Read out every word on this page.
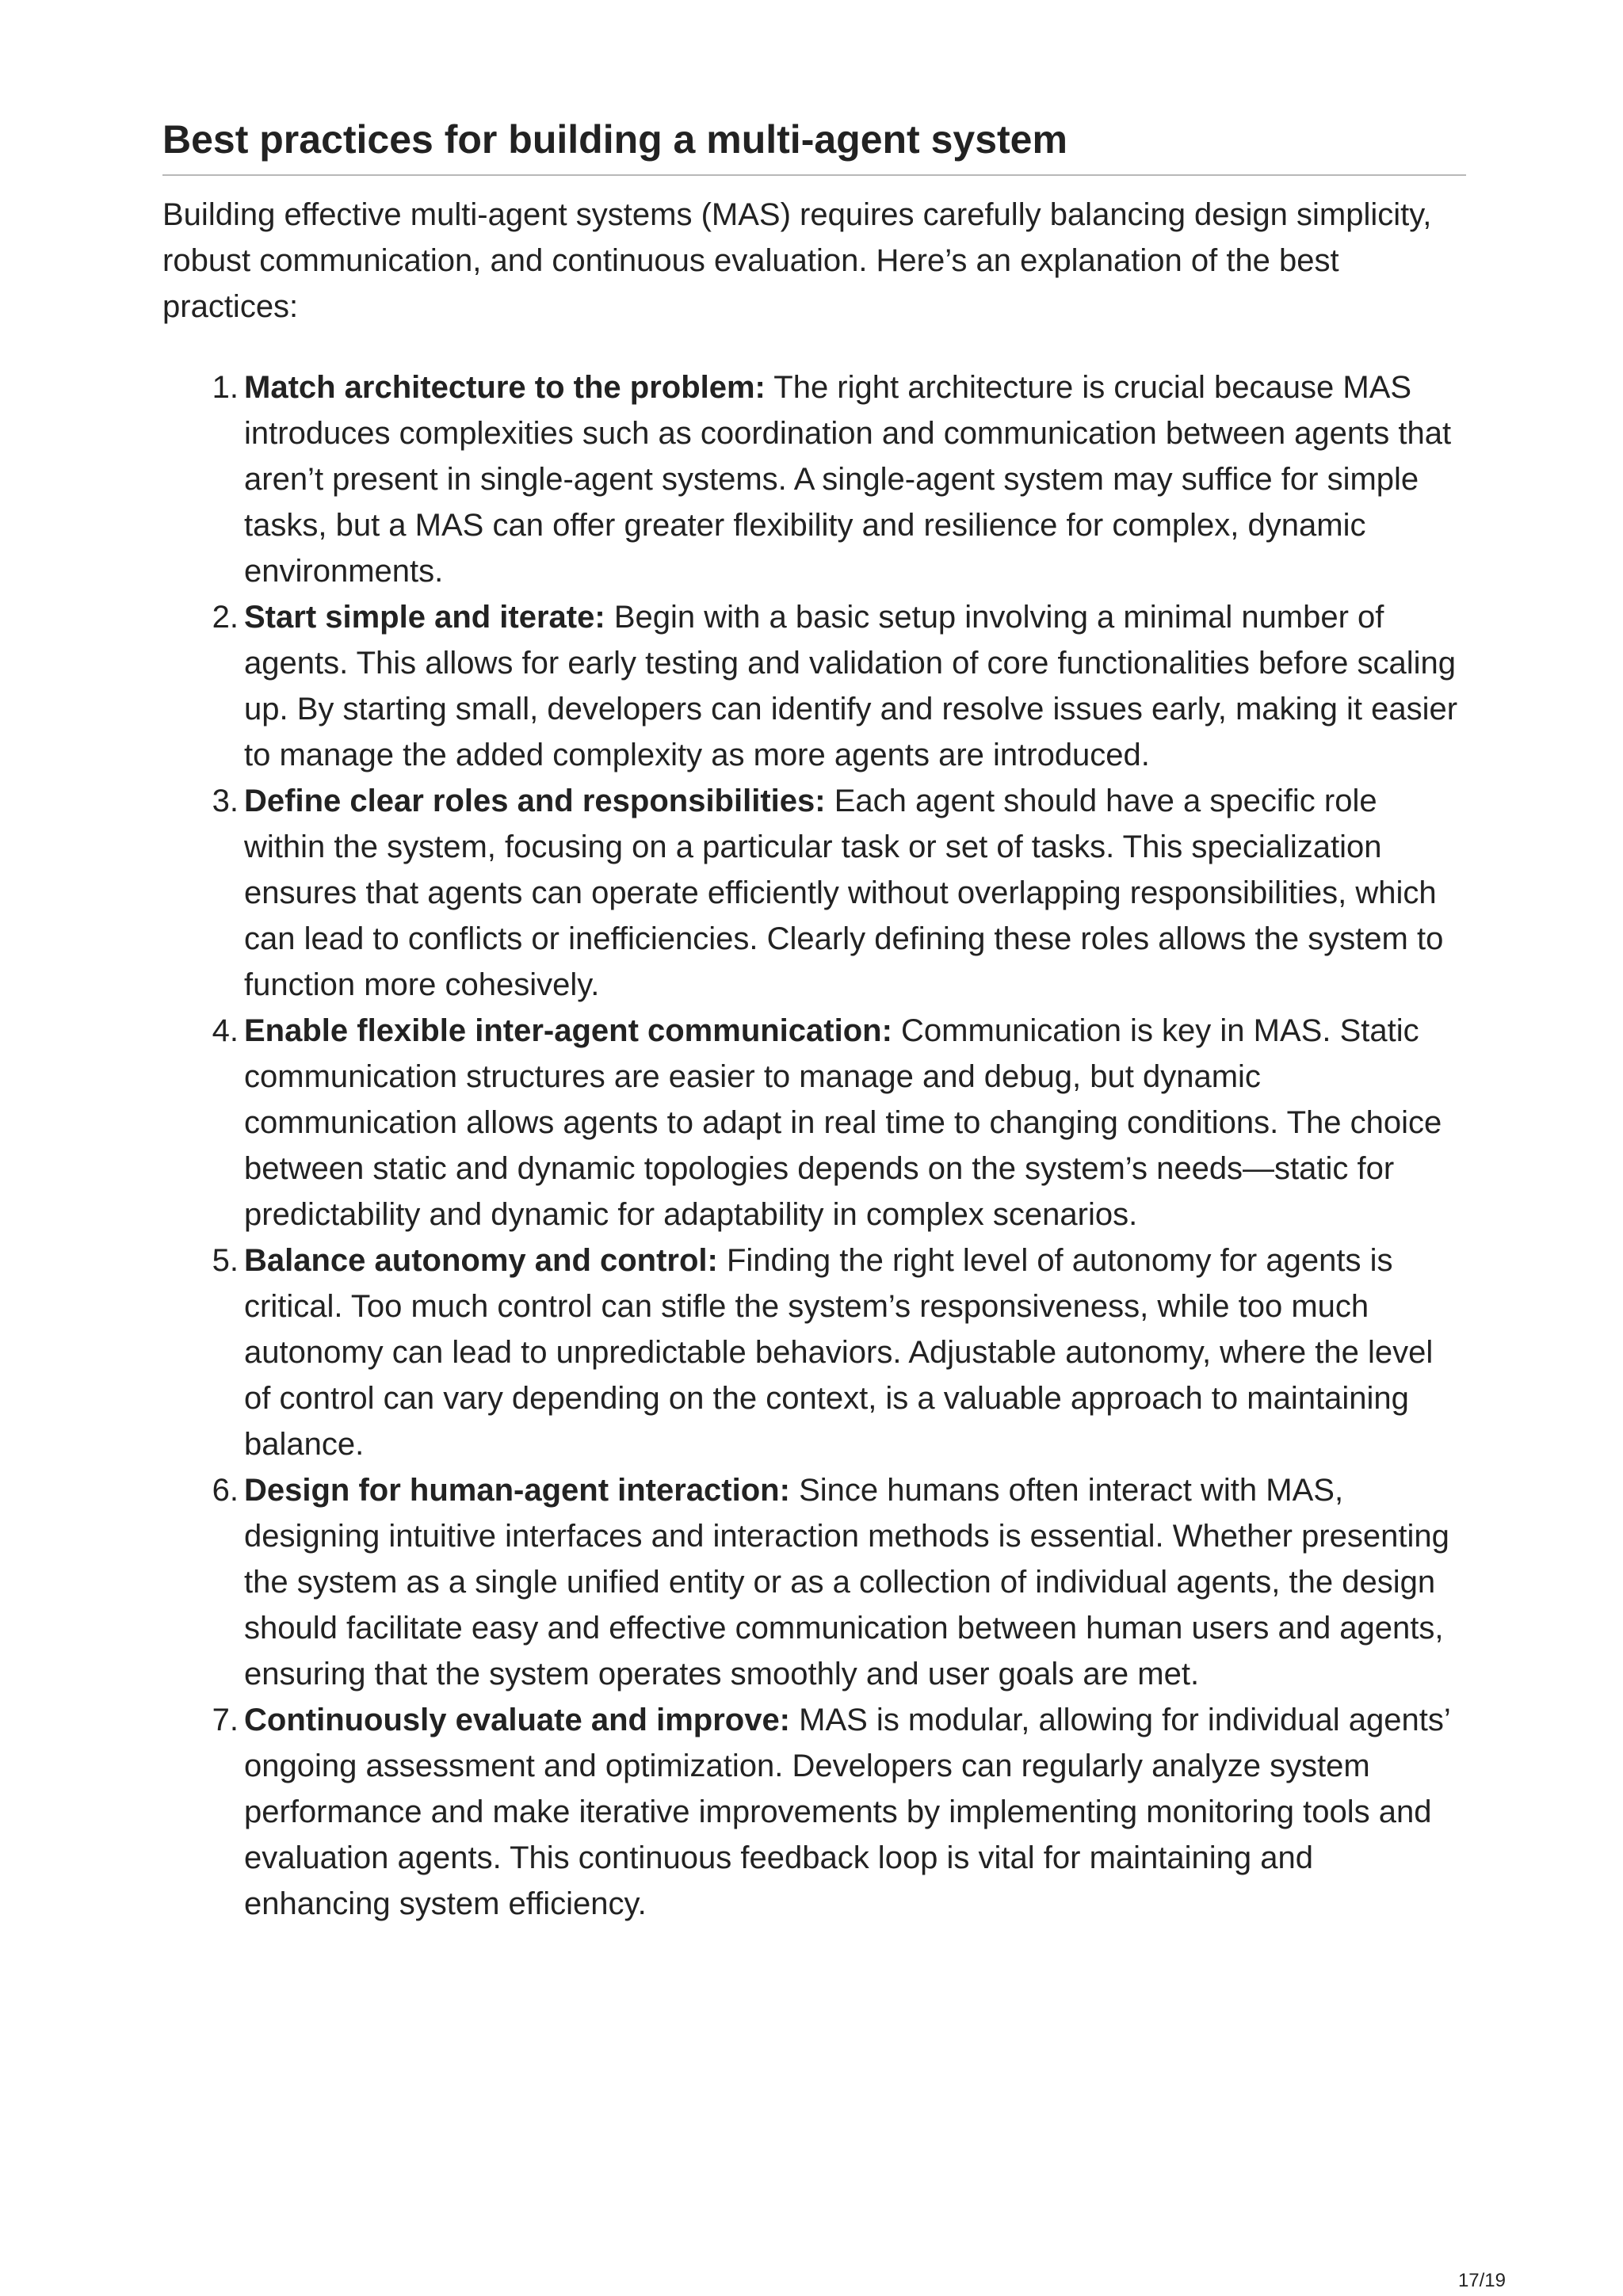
Best practices for building a multi-agent system

Building effective multi-agent systems (MAS) requires carefully balancing design simplicity, robust communication, and continuous evaluation. Here’s an explanation of the best practices:

1. Match architecture to the problem: The right architecture is crucial because MAS introduces complexities such as coordination and communication between agents that aren’t present in single-agent systems. A single-agent system may suffice for simple tasks, but a MAS can offer greater flexibility and resilience for complex, dynamic environments.
2. Start simple and iterate: Begin with a basic setup involving a minimal number of agents. This allows for early testing and validation of core functionalities before scaling up. By starting small, developers can identify and resolve issues early, making it easier to manage the added complexity as more agents are introduced.
3. Define clear roles and responsibilities: Each agent should have a specific role within the system, focusing on a particular task or set of tasks. This specialization ensures that agents can operate efficiently without overlapping responsibilities, which can lead to conflicts or inefficiencies. Clearly defining these roles allows the system to function more cohesively.
4. Enable flexible inter-agent communication: Communication is key in MAS. Static communication structures are easier to manage and debug, but dynamic communication allows agents to adapt in real time to changing conditions. The choice between static and dynamic topologies depends on the system’s needs—static for predictability and dynamic for adaptability in complex scenarios.
5. Balance autonomy and control: Finding the right level of autonomy for agents is critical. Too much control can stifle the system’s responsiveness, while too much autonomy can lead to unpredictable behaviors. Adjustable autonomy, where the level of control can vary depending on the context, is a valuable approach to maintaining balance.
6. Design for human-agent interaction: Since humans often interact with MAS, designing intuitive interfaces and interaction methods is essential. Whether presenting the system as a single unified entity or as a collection of individual agents, the design should facilitate easy and effective communication between human users and agents, ensuring that the system operates smoothly and user goals are met.
7. Continuously evaluate and improve: MAS is modular, allowing for individual agents’ ongoing assessment and optimization. Developers can regularly analyze system performance and make iterative improvements by implementing monitoring tools and evaluation agents. This continuous feedback loop is vital for maintaining and enhancing system efficiency.
17/19
